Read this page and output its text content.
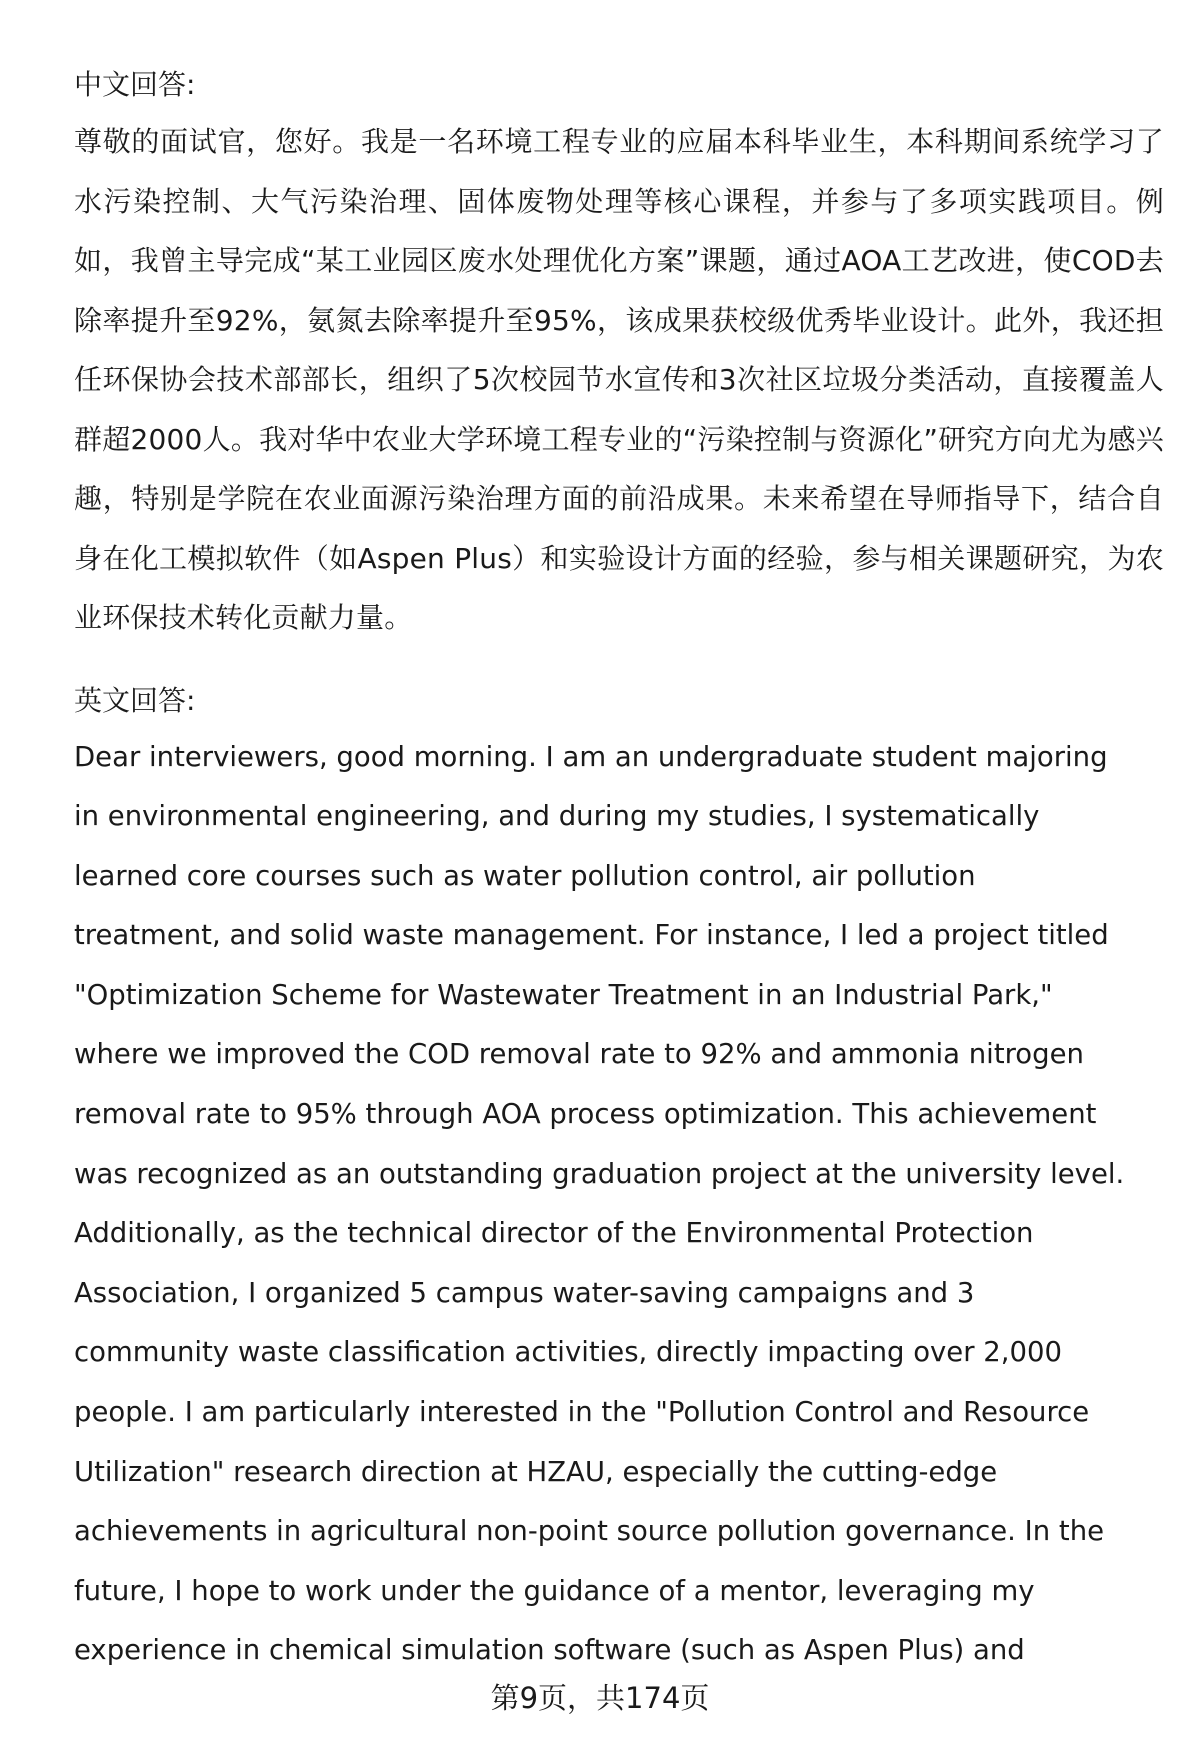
中文回答:

尊敬的面试官，您好。我是一名环境工程专业的应届本科毕业生，本科期间系统学习了水污染控制、大气污染治理、固体废物处理等核心课程，并参与了多项实践项目。例如，我曾主导完成“某工业园区废水处理优化方案”课题，通过AOA工艺改进，使COD去除率提升至92%，氨氮去除率提升至95%，该成果获校级优秀毕业设计。此外，我还担任环保协会技术部部长，组织了5次校园节水宣传和3次社区垃圾分类活动，直接覆盖人群超2000人。我对华中农业大学环境工程专业的“污染控制与资源化”研究方向尤为感兴趣，特别是学院在农业面源污染治理方面的前沿成果。未来希望在导师指导下，结合自身在化工模拟软件（如Aspen Plus）和实验设计方面的经验，参与相关课题研究，为农业环保技术转化贡献力量。

英文回答:

Dear interviewers, good morning. I am an undergraduate student majoring
in environmental engineering, and during my studies, I systematically
learned core courses such as water pollution control, air pollution
treatment, and solid waste management. For instance, I led a project titled
"Optimization Scheme for Wastewater Treatment in an Industrial Park,"
where we improved the COD removal rate to 92% and ammonia nitrogen
removal rate to 95% through AOA process optimization. This achievement
was recognized as an outstanding graduation project at the university level.
Additionally, as the technical director of the Environmental Protection
Association, I organized 5 campus water-saving campaigns and 3
community waste classification activities, directly impacting over 2,000
people. I am particularly interested in the "Pollution Control and Resource
Utilization" research direction at HZAU, especially the cutting-edge
achievements in agricultural non-point source pollution governance. In the
future, I hope to work under the guidance of a mentor, leveraging my
experience in chemical simulation software (such as Aspen Plus) and

第9页，共174页
